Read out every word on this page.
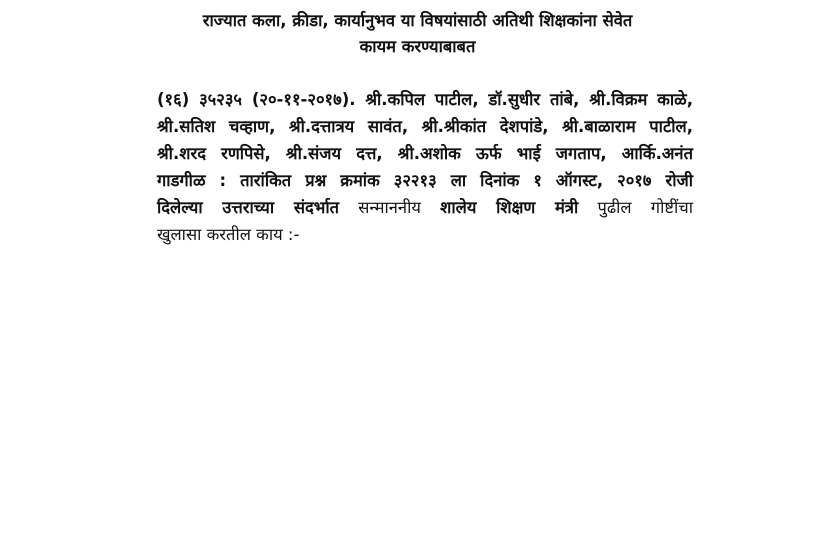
राज्यात कला, क्रीडा, कार्यानुभव या विषयांसाठी अतिथी शिक्षकांना सेवेत

कायम करण्याबाबत

(१६) ३५२३५ (२०-११-२०१७). श्री.कपिल पाटील, डॉ.सुधीर तांबे, श्री.विक्रम काळे,
श्री.सतिश चव्हाण, श्री.दत्तात्रय सावंत, श्री.श्रीकांत देशपांडे, श्री.बाळाराम पाटील,
श्री.शरद रणपिसे, श्री.संजय दत्त, श्री.अशोक ऊर्फ भाई जगताप, आर्कि.अनंत
गाडगीळ : तारांकित प्रश्न क्रमांक ३२२१३ ला दिनांक १ ऑगस्ट, २०१७ रोजी
दिलेल्या उत्तराच्या संदर्भात सन्माननीय शालेय शिक्षण मंत्री पुढील गोष्टींचा
खुलासा करतील काय :-
